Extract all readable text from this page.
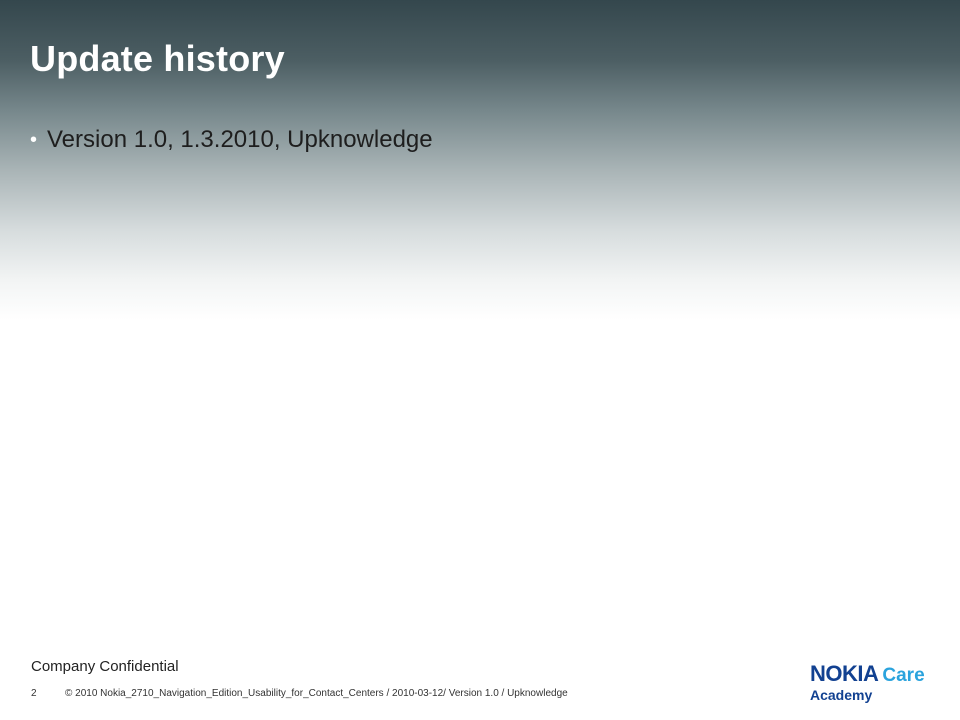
Update history
• Version 1.0, 1.3.2010, Upknowledge
Company Confidential
2	© 2010 Nokia_2710_Navigation_Edition_Usability_for_Contact_Centers / 2010-03-12/ Version 1.0 / Upknowledge
NOKIA Care
Academy
